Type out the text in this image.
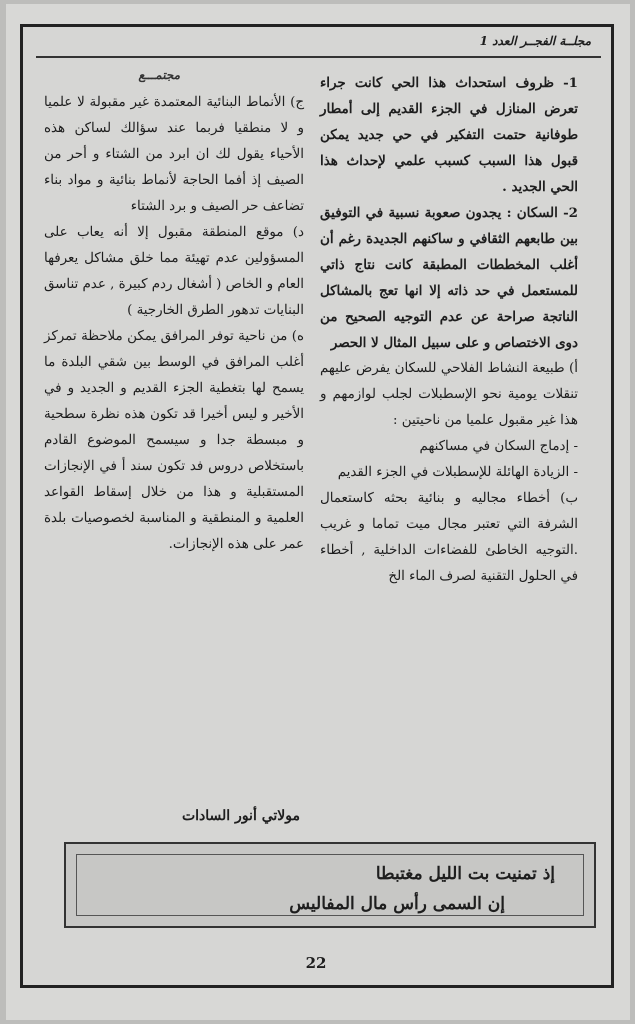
مجلــة الفجــر العدد 1
مجتمـــع	1- ظروف استحداث هذا الحي كانت جراء تعرض المنازل في الجزء القديم إلى أمطار طوفانية حتمت التفكير في حي جديد يمكن قبول هذا السبب كسبب علمي لإحداث هذا الحي الجديد .

2- السكان : يجدون صعوبة نسبية في التوفيق بين طابعهم الثقافي و ساكنهم الجديدة رغم أن أغلب المخططات المطبقة كانت نتاج ذاتي للمستعمل في حد ذاته إلا انها تعج بالمشاكل الناتجة صراحة عن عدم التوجيه الصحيح من دوى الاختصاص و على سبيل المثال لا الحصر

أ) طبيعة النشاط الفلاحي للسكان يفرض عليهم تنقلات يومية نحو الإسطبلات لجلب لوازمهم و هذا غير مقبول علميا من ناحيتين :

- إدماج السكان في مساكنهم

- الزيادة الهائلة للإسطبلات في الجزء القديم

ب) أخطاء مجاليه و بنائية بحثه كاستعمال الشرفة التي تعتبر مجال ميت تماما و غريب .التوجيه الخاطئ للفضاءات الداخلية , أخطاء في الحلول التقنية لصرف الماء الخ

ج) الأنماط البنائية المعتمدة غير مقبولة لا علميا و لا منطقيا فربما عند سؤالك لساكن هذه الأحياء يقول لك ان ابرد من الشتاء و أحر من الصيف إذ أفما الحاجة لأنماط بنائية و مواد بناء تضاعف حر الصيف و برد الشتاء

د) موقع المنطقة مقبول إلا أنه يعاب على المسؤولين عدم تهيئة مما خلق مشاكل يعرفها العام و الخاص ( أشغال ردم كبيرة , عدم تناسق البنايات تدهور الطرق الخارجية )

ه) من ناحية توفر المرافق يمكن ملاحظة تمركز أغلب المرافق في الوسط بين شقي البلدة ما يسمح لها بتغطية الجزء القديم و الجديد و في الأخير و ليس أخيرا قد تكون هذه نظرة سطحية و مبسطة جدا و سيسمح الموضوع القادم باستخلاص دروس فد تكون سند أ في الإنجازات المستقبلية و هذا من خلال إسقاط القواعد العلمية و المنطقية و المناسبة لخصوصيات بلدة عمر على هذه الإنجازات.

مولاتي أنور السادات
إذ تمنيت بت الليل مغتبطا
إن السمى رأس مال المفاليس
22
